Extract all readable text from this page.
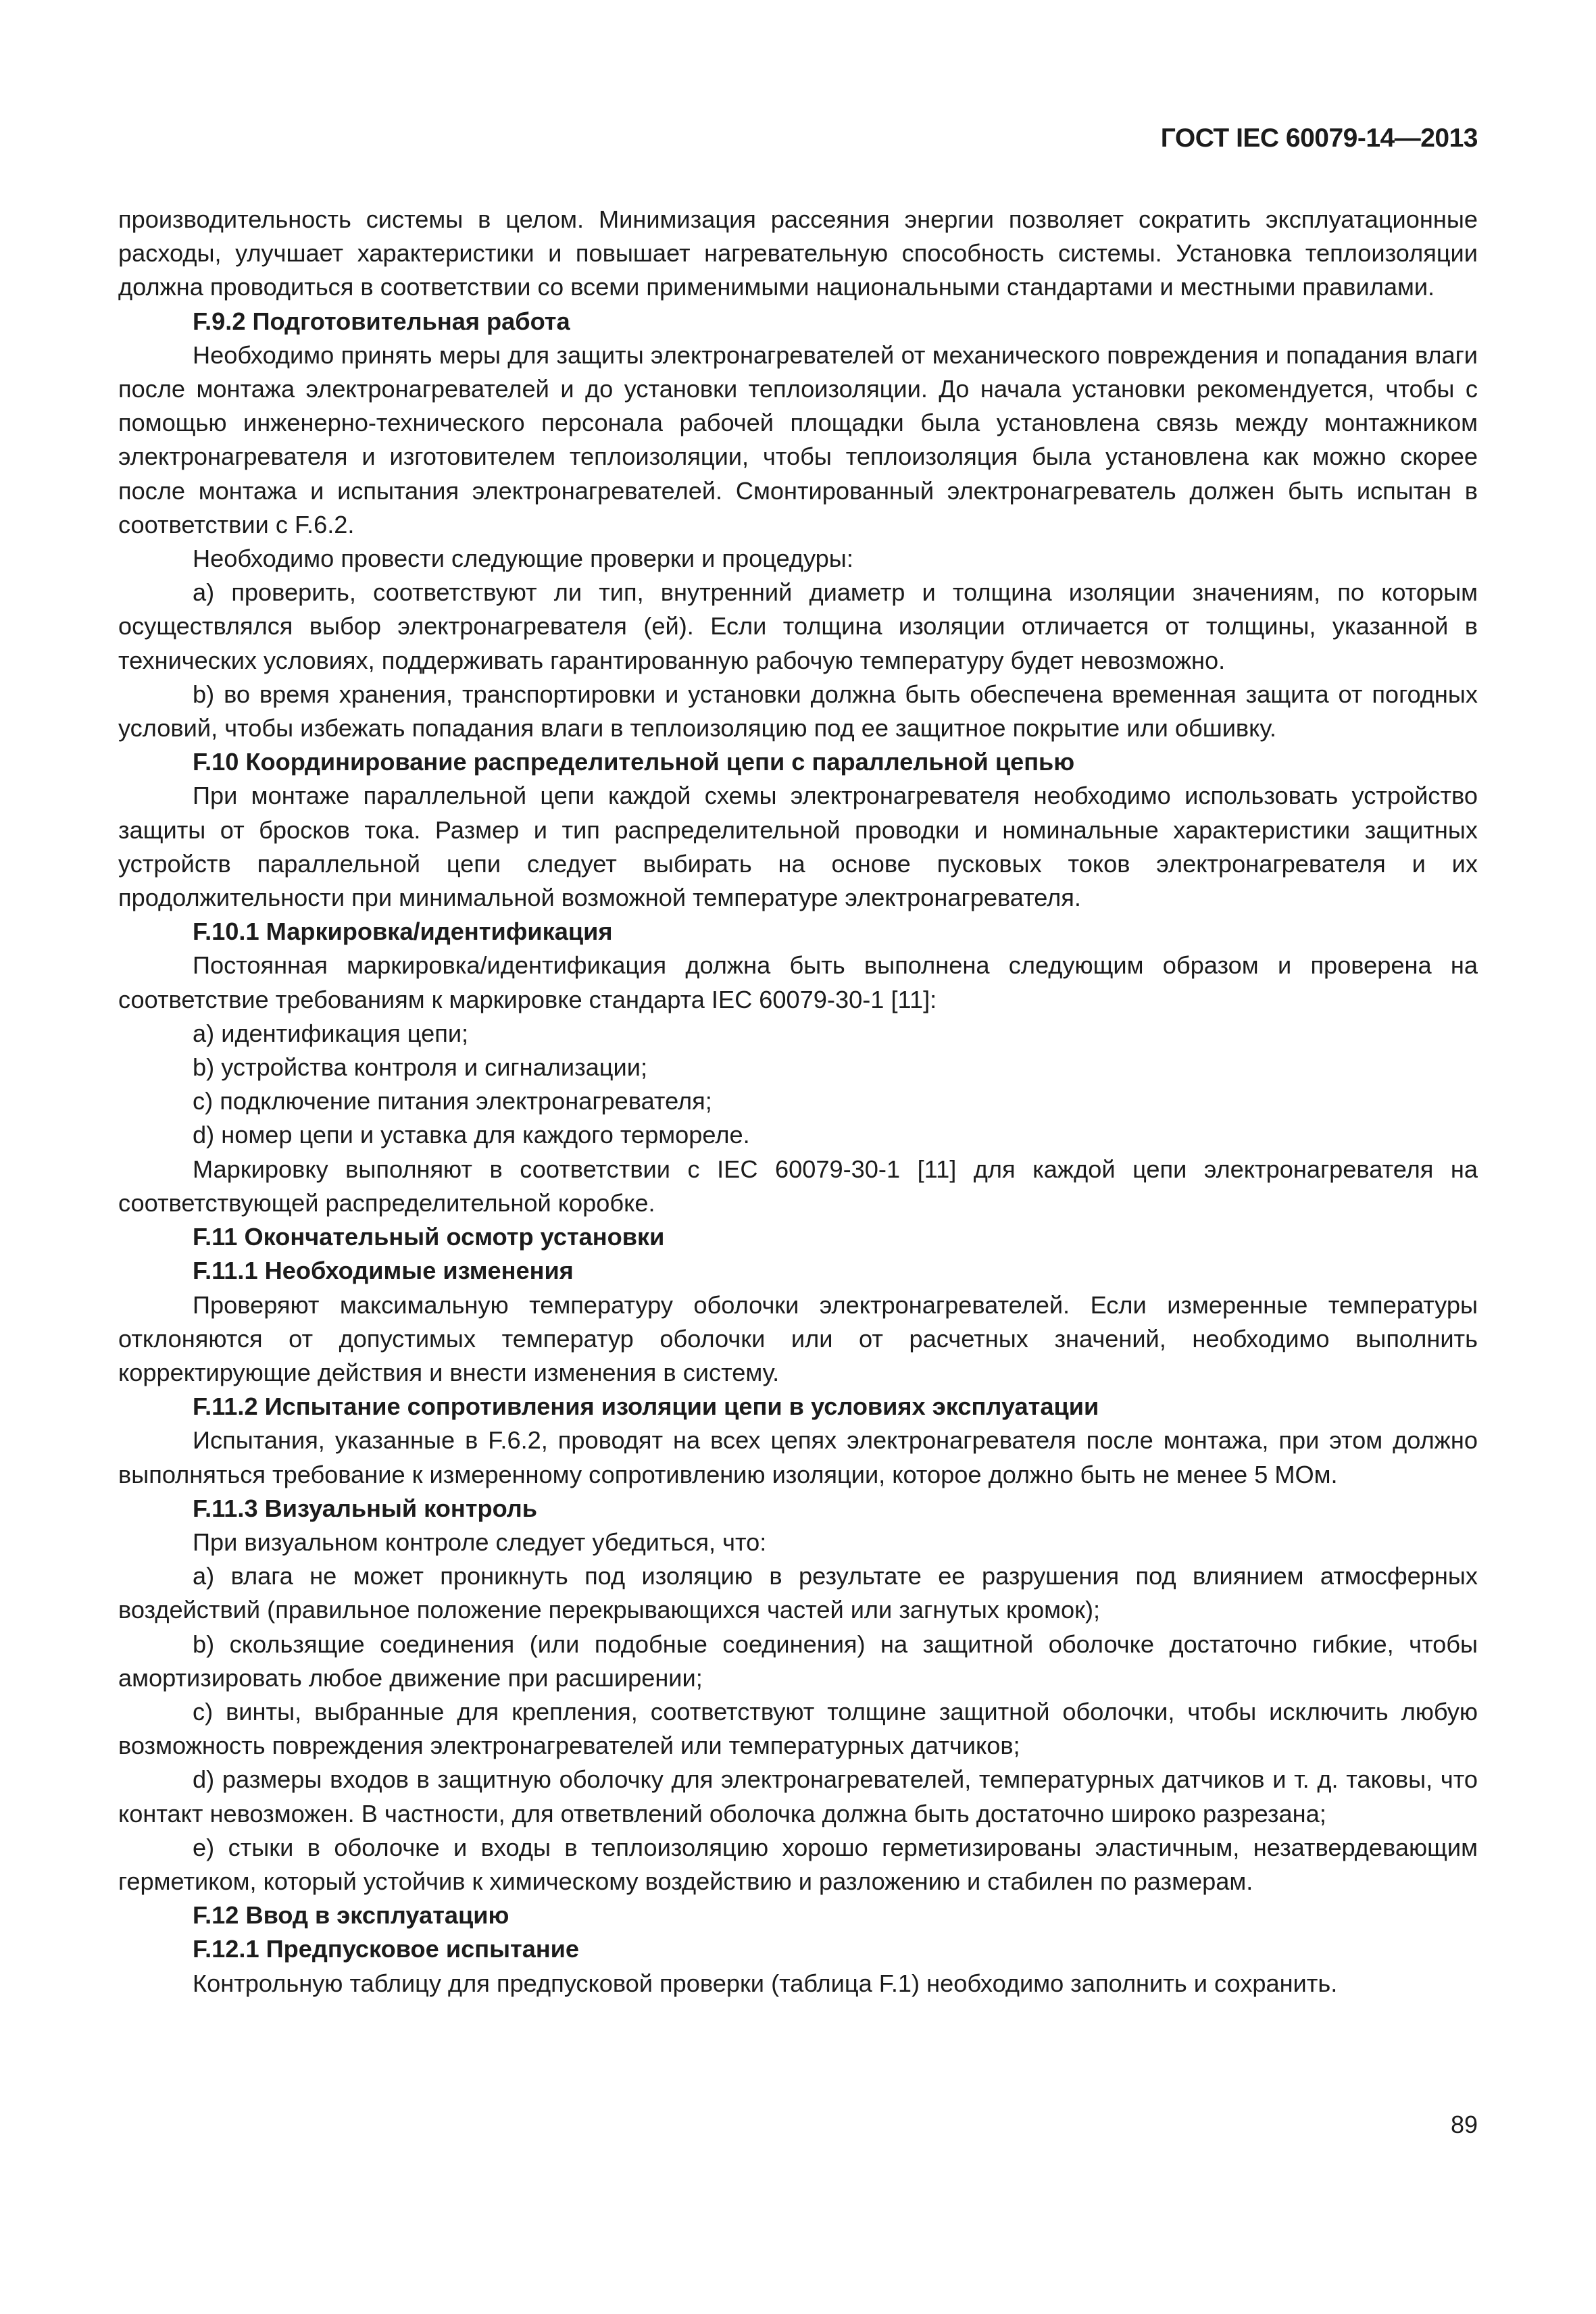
ГОСТ IEC 60079-14—2013

производительность системы в целом. Минимизация рассеяния энергии позволяет сократить эксплуатационные расходы, улучшает характеристики и повышает нагревательную способность системы. Установка теплоизоляции должна проводиться в соответствии со всеми применимыми национальными стандартами и местными правилами.

F.9.2 Подготовительная работа

Необходимо принять меры для защиты электронагревателей от механического повреждения и попадания влаги после монтажа электронагревателей и до установки теплоизоляции. До начала установки рекомендуется, чтобы с помощью инженерно-технического персонала рабочей площадки была установлена связь между монтажником электронагревателя и изготовителем теплоизоляции, чтобы теплоизоляция была установлена как можно скорее после монтажа и испытания электронагревателей. Смонтированный электронагреватель должен быть испытан в соответствии с F.6.2.

Необходимо провести следующие проверки и процедуры:

a) проверить, соответствуют ли тип, внутренний диаметр и толщина изоляции значениям, по которым осуществлялся выбор электронагревателя (ей). Если толщина изоляции отличается от толщины, указанной в технических условиях, поддерживать гарантированную рабочую температуру будет невозможно.

b) во время хранения, транспортировки и установки должна быть обеспечена временная защита от погодных условий, чтобы избежать попадания влаги в теплоизоляцию под ее защитное покрытие или обшивку.

F.10 Координирование распределительной цепи с параллельной цепью

При монтаже параллельной цепи каждой схемы электронагревателя необходимо использовать устройство защиты от бросков тока. Размер и тип распределительной проводки и номинальные характеристики защитных устройств параллельной цепи следует выбирать на основе пусковых токов электронагревателя и их продолжительности при минимальной возможной температуре электронагревателя.

F.10.1 Маркировка/идентификация

Постоянная маркировка/идентификация должна быть выполнена следующим образом и проверена на соответствие требованиям к маркировке стандарта IEC 60079-30-1 [11]:

a) идентификация цепи;

b) устройства контроля и сигнализации;

c) подключение питания электронагревателя;

d) номер цепи и уставка для каждого термореле.

Маркировку выполняют в соответствии с IEC 60079-30-1 [11] для каждой цепи электронагревателя на соответствующей распределительной коробке.

F.11 Окончательный осмотр установки

F.11.1 Необходимые изменения

Проверяют максимальную температуру оболочки электронагревателей. Если измеренные температуры отклоняются от допустимых температур оболочки или от расчетных значений, необходимо выполнить корректирующие действия и внести изменения в систему.

F.11.2 Испытание сопротивления изоляции цепи в условиях эксплуатации

Испытания, указанные в F.6.2, проводят на всех цепях электронагревателя после монтажа, при этом должно выполняться требование к измеренному сопротивлению изоляции, которое должно быть не менее 5 МОм.

F.11.3 Визуальный контроль

При визуальном контроле следует убедиться, что:

a) влага не может проникнуть под изоляцию в результате ее разрушения под влиянием атмосферных воздействий (правильное положение перекрывающихся частей или загнутых кромок);

b) скользящие соединения (или подобные соединения) на защитной оболочке достаточно гибкие, чтобы амортизировать любое движение при расширении;

c) винты, выбранные для крепления, соответствуют толщине защитной оболочки, чтобы исключить любую возможность повреждения электронагревателей или температурных датчиков;

d) размеры входов в защитную оболочку для электронагревателей, температурных датчиков и т. д. таковы, что контакт невозможен. В частности, для ответвлений оболочка должна быть достаточно широко разрезана;

e) стыки в оболочке и входы в теплоизоляцию хорошо герметизированы эластичным, незатвердевающим герметиком, который устойчив к химическому воздействию и разложению и стабилен по размерам.

F.12 Ввод в эксплуатацию

F.12.1 Предпусковое испытание

Контрольную таблицу для предпусковой проверки (таблица F.1) необходимо заполнить и сохранить.

89
